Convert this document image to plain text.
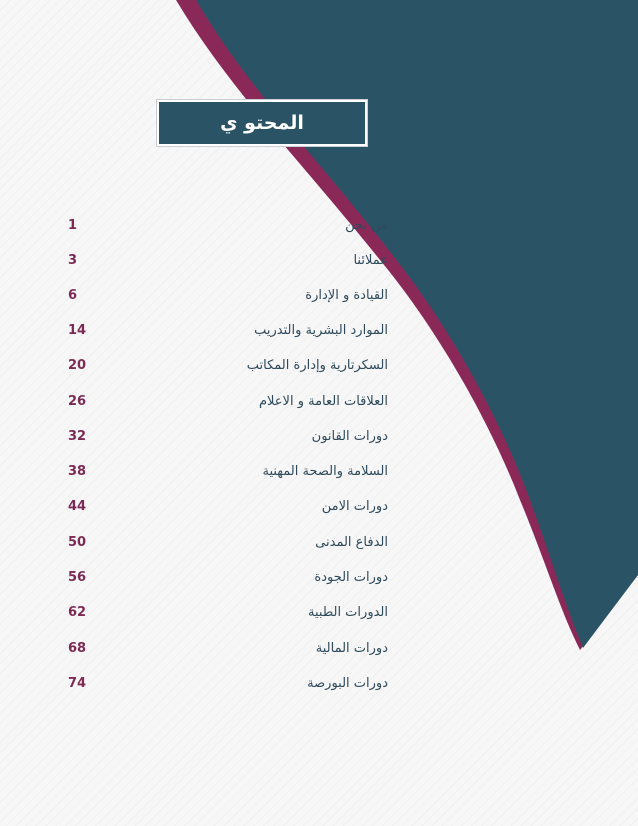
المحتو ي
1	من نحن
3	عملائنا
6	القيادة و الإدارة
14	الموارد البشرية والتدريب
20	السكرتارية وإدارة المكاتب
26	العلاقات العامة و الاعلام
32	دورات القانون
38	السلامة والصحة المهنية
44	دورات الامن
50	الدفاع المدنى
56	دورات الجودة
62	الدورات الطبية
68	دورات المالية
74	دورات البورصة
